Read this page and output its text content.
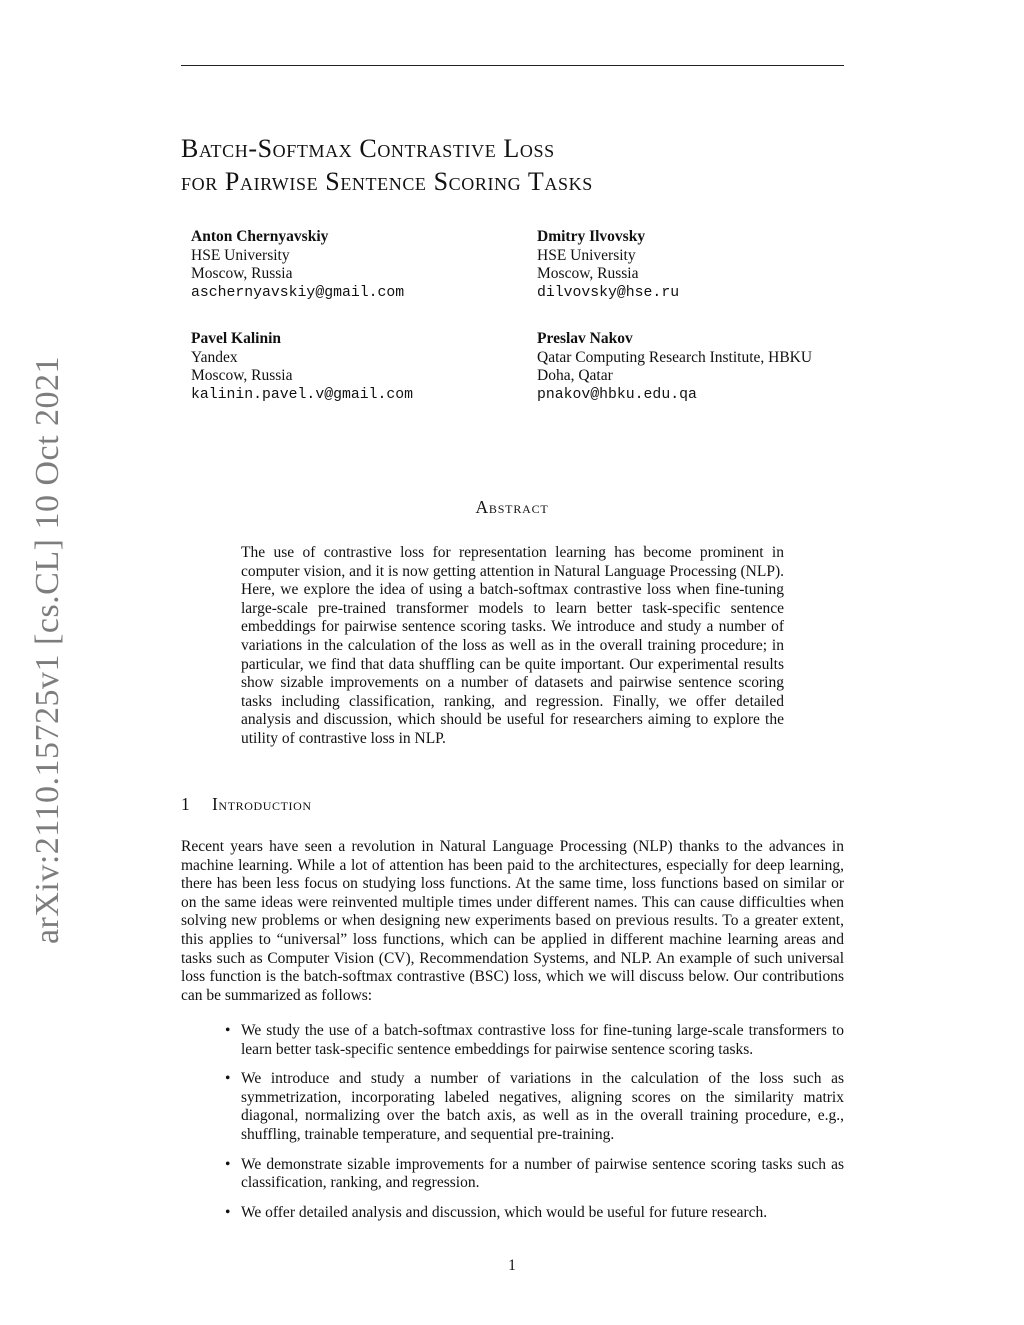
arXiv:2110.15725v1 [cs.CL] 10 Oct 2021
Batch-Softmax Contrastive Loss
for Pairwise Sentence Scoring Tasks
Anton Chernyavskiy
HSE University
Moscow, Russia
aschernyavskiy@gmail.com
Dmitry Ilvovsky
HSE University
Moscow, Russia
dilvovsky@hse.ru
Pavel Kalinin
Yandex
Moscow, Russia
kalinin.pavel.v@gmail.com
Preslav Nakov
Qatar Computing Research Institute, HBKU
Doha, Qatar
pnakov@hbku.edu.qa
Abstract
The use of contrastive loss for representation learning has become prominent in computer vision, and it is now getting attention in Natural Language Processing (NLP). Here, we explore the idea of using a batch-softmax contrastive loss when fine-tuning large-scale pre-trained transformer models to learn better task-specific sentence embeddings for pairwise sentence scoring tasks. We introduce and study a number of variations in the calculation of the loss as well as in the overall training procedure; in particular, we find that data shuffling can be quite important. Our experimental results show sizable improvements on a number of datasets and pairwise sentence scoring tasks including classification, ranking, and regression. Finally, we offer detailed analysis and discussion, which should be useful for researchers aiming to explore the utility of contrastive loss in NLP.
1 Introduction
Recent years have seen a revolution in Natural Language Processing (NLP) thanks to the advances in machine learning. While a lot of attention has been paid to the architectures, especially for deep learning, there has been less focus on studying loss functions. At the same time, loss functions based on similar or on the same ideas were reinvented multiple times under different names. This can cause difficulties when solving new problems or when designing new experiments based on previous results. To a greater extent, this applies to “universal” loss functions, which can be applied in different machine learning areas and tasks such as Computer Vision (CV), Recommendation Systems, and NLP. An example of such universal loss function is the batch-softmax contrastive (BSC) loss, which we will discuss below. Our contributions can be summarized as follows:
• We study the use of a batch-softmax contrastive loss for fine-tuning large-scale transformers to learn better task-specific sentence embeddings for pairwise sentence scoring tasks.
• We introduce and study a number of variations in the calculation of the loss such as symmetrization, incorporating labeled negatives, aligning scores on the similarity matrix diagonal, normalizing over the batch axis, as well as in the overall training procedure, e.g., shuffling, trainable temperature, and sequential pre-training.
• We demonstrate sizable improvements for a number of pairwise sentence scoring tasks such as classification, ranking, and regression.
• We offer detailed analysis and discussion, which would be useful for future research.
1
